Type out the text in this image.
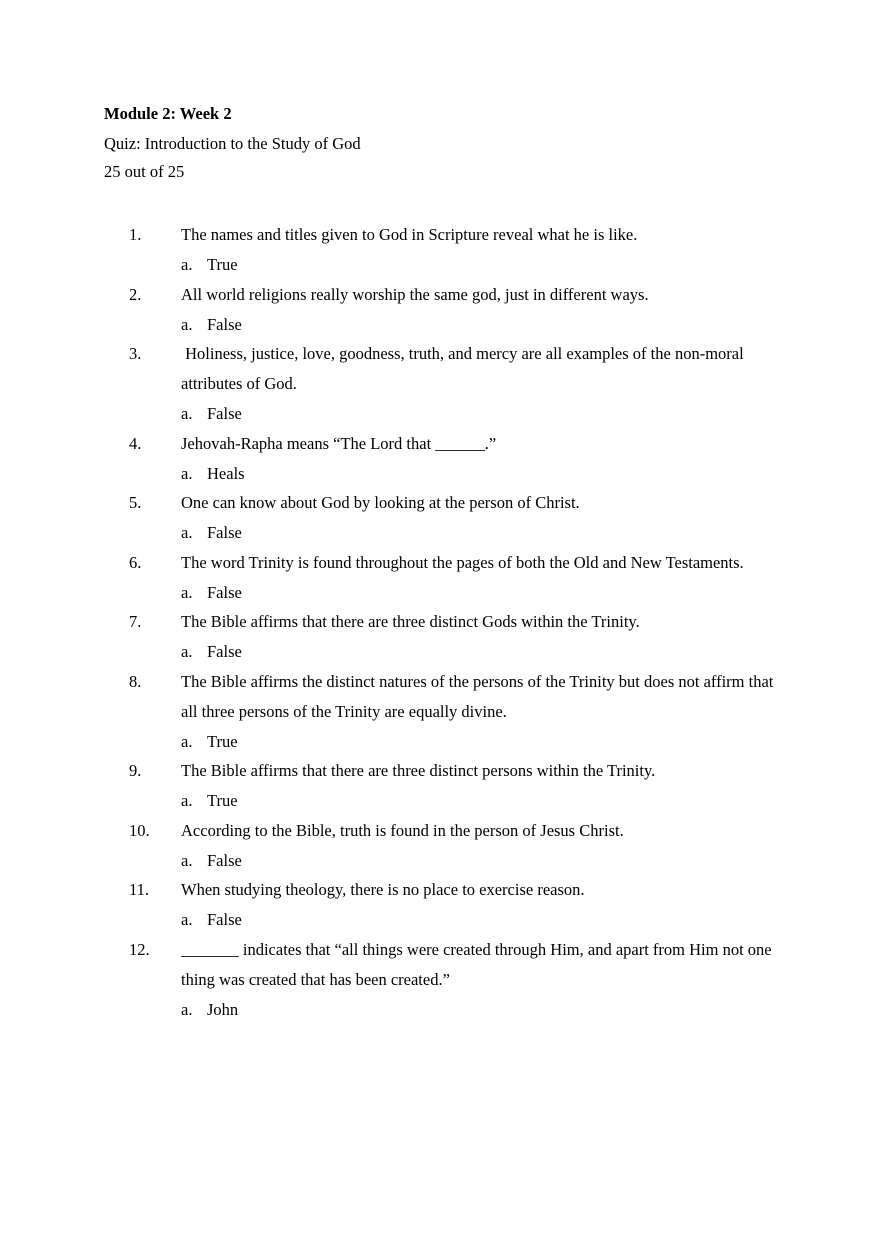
Module 2: Week 2
Quiz: Introduction to the Study of God
25 out of 25
1. The names and titles given to God in Scripture reveal what he is like.
a. True
2. All world religions really worship the same god, just in different ways.
a. False
3. Holiness, justice, love, goodness, truth, and mercy are all examples of the non-moral attributes of God.
a. False
4. Jehovah-Rapha means “The Lord that ______.”
a. Heals
5. One can know about God by looking at the person of Christ.
a. False
6. The word Trinity is found throughout the pages of both the Old and New Testaments.
a. False
7. The Bible affirms that there are three distinct Gods within the Trinity.
a. False
8. The Bible affirms the distinct natures of the persons of the Trinity but does not affirm that all three persons of the Trinity are equally divine.
a. True
9. The Bible affirms that there are three distinct persons within the Trinity.
a. True
10. According to the Bible, truth is found in the person of Jesus Christ.
a. False
11. When studying theology, there is no place to exercise reason.
a. False
12. _______ indicates that “all things were created through Him, and apart from Him not one thing was created that has been created.”
a. John
